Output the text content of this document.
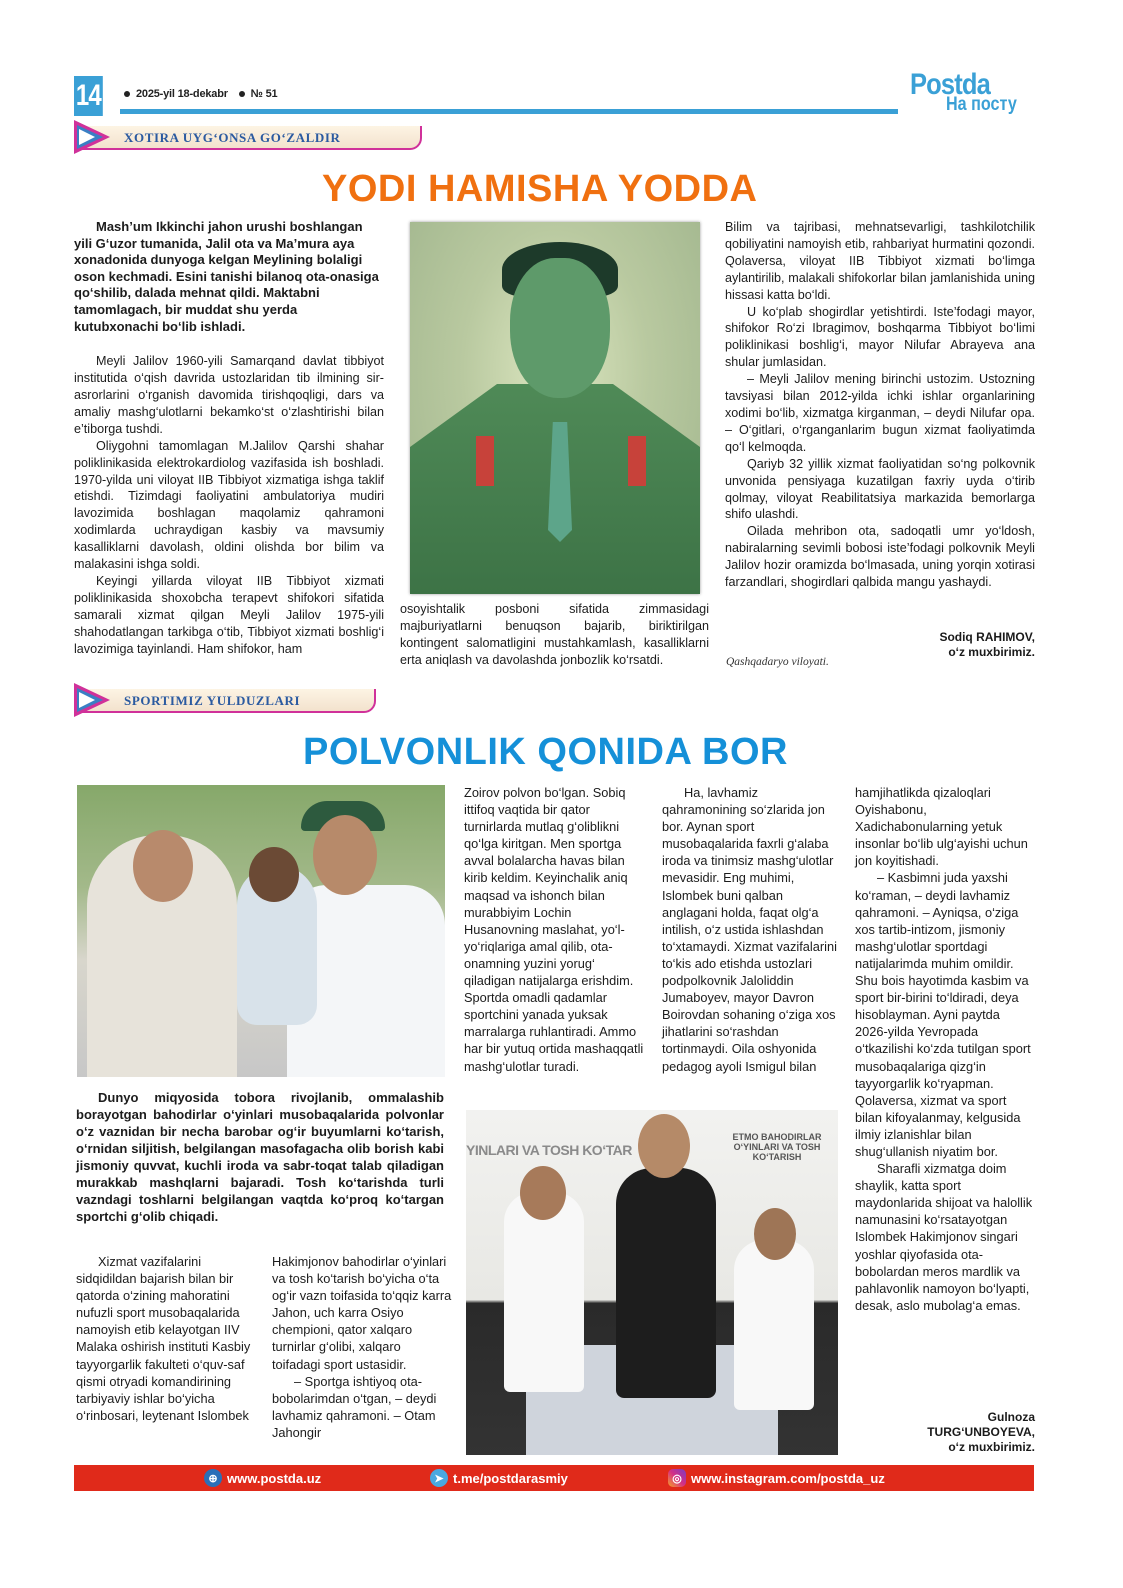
14	2025-yil 18-dekabr № 51	Postda
На посту
XOTIRA UYG‘ONSA GO‘ZALDIR
YODI HAMISHA YODDA

Mash’um Ikkinchi jahon urushi boshlangan yili G‘uzor tumanida, Jalil ota va Ma’mura aya xonadonida dunyoga kelgan Meylining bolaligi oson kechmadi. Esini tanishi bilanoq ota-onasiga qo‘shilib, dalada mehnat qildi. Maktabni tamomlagach, bir muddat shu yerda kutubxonachi bo‘lib ishladi.

Meyli Jalilov 1960-yili Samarqand davlat tibbiyot institutida o‘qish davrida ustozlaridan tib ilmining sir-asrorlarini o‘rganish davomida tirishqoqligi, dars va amaliy mashg‘ulotlarni bekamko‘st o‘zlashtirishi bilan e’tiborga tushdi.

Oliygohni tamomlagan M.Jalilov Qarshi shahar poliklinikasida elektrokardiolog vazifasida ish boshladi. 1970-yilda uni viloyat IIB Tibbiyot xizmatiga ishga taklif etishdi. Tizimdagi faoliyatini ambulatoriya mudiri lavozimida boshlagan maqolamiz qahramoni xodimlarda uchraydigan kasbiy va mavsumiy kasalliklarni davolash, oldini olishda bor bilim va malakasini ishga soldi.

Keyingi yillarda viloyat IIB Tibbiyot xizmati poliklinikasida shoxobcha terapevt shifokori sifatida samarali xizmat qilgan Meyli Jalilov 1975-yili shahodatlangan tarkibga o‘tib, Tibbiyot xizmati boshlig‘i lavozimiga tayinlandi. Ham shifokor, ham

osoyishtalik posboni sifatida zimmasidagi majburiyatlarni benuqson bajarib, biriktirilgan kontingent salomatligini mustahkamlash, kasalliklarni erta aniqlash va davolashda jonbozlik ko‘rsatdi.

Bilim va tajribasi, mehnatsevarligi, tashkilotchilik qobiliyatini namoyish etib, rahbariyat hurmatini qozondi. Qolaversa, viloyat IIB Tibbiyot xizmati bo‘limga aylantirilib, malakali shifokorlar bilan jamlanishida uning hissasi katta bo‘ldi.

U ko‘plab shogirdlar yetishtirdi. Iste’fodagi mayor, shifokor Ro‘zi Ibragimov, boshqarma Tibbiyot bo‘limi poliklinikasi boshlig‘i, mayor Nilufar Abrayeva ana shular jumlasidan.

– Meyli Jalilov mening birinchi ustozim. Ustozning tavsiyasi bilan 2012-yilda ichki ishlar organlarining xodimi bo‘lib, xizmatga kirganman, – deydi Nilufar opa. – O‘gitlari, o‘rganganlarim bugun xizmat faoliyatimda qo‘l kelmoqda.

Qariyb 32 yillik xizmat faoliyatidan so‘ng polkovnik unvonida pensiyaga kuzatilgan faxriy uydа o‘tirib qolmay, viloyat Reabilitatsiya markazida bemorlarga shifo ulashdi.

Oilada mehribon ota, sadoqatli umr yo‘ldosh, nabiralarning sevimli bobosi iste’fodagi polkovnik Meyli Jalilov hozir oramizda bo‘lmasada, uning yorqin xotirasi farzandlari, shogirdlari qalbida mangu yashaydi.

Sodiq RAHIMOV,
o‘z muxbirimiz.
Qashqadaryo viloyati.
SPORTIMIZ YULDUZLARI
POLVONLIK QONIDA BOR

Dunyo miqyosida tobora rivojlanib, ommalashib borayotgan bahodirlar o‘yinlari musobaqalarida polvonlar o‘z vaznidan bir necha barobar og‘ir buyumlarni ko‘tarish, o‘rnidan siljitish, belgilangan masofagacha olib borish kabi jismoniy quvvat, kuchli iroda va sabr-toqat talab qiladigan murakkab mashqlarni bajaradi. Tosh ko‘tarishda turli vazndagi toshlarni belgilangan vaqtda ko‘proq ko‘targan sportchi g‘olib chiqadi.

Xizmat vazifalarini sidqidildan bajarish bilan bir qatorda o‘zining mahoratini nufuzli sport musobaqalarida namoyish etib kelayotgan IIV Malaka oshirish instituti Kasbiy tayyorgarlik fakulteti o‘quv-saf qismi otryadi komandirining tarbiyaviy ishlar bo‘yicha o‘rinbosari, leytenant Islombek

Hakimjonov bahodirlar o‘yinlari va tosh ko‘tarish bo‘yicha o‘ta og‘ir vazn toifasida to‘qqiz karra Jahon, uch karra Osiyo chempioni, qator xalqaro turnirlar g‘olibi, xalqaro toifadagi sport ustasidir.

– Sportga ishtiyoq ota-bobolarimdan o‘tgan, – deydi lavhamiz qahramoni. – Otam Jahongir

Zoirov polvon bo‘lgan. Sobiq ittifoq vaqtida bir qator turnirlarda mutlaq g‘olibliknі qo‘lga kiritgan. Men sportga avval bolalarcha havas bilan kirib keldim. Keyinchalik aniq maqsad va ishonch bilan murabbiyim Lochin Husanovning maslahat, yo‘l-yo‘riqlariga amal qilib, ota-onamning yuzini yorug‘ qiladigan natijalarga erishdim. Sportda omadli qadamlar sportchini yanada yuksak marralarga ruhlantiradi. Ammo har bir yutuq ortida mashaqqatli mashg‘ulotlar turadi.

Ha, lavhamiz qahramonining so‘zlarida jon bor. Aynan sport musobaqalarida faxrli g‘alaba iroda va tinimsiz mashg‘ulotlar mevasidir. Eng muhimi, Islombek buni qalban anglagani holda, faqat olg‘a intilish, o‘z ustida ishlashdan to‘xtamaydi. Xizmat vazifalarini to‘kis ado etishda ustozlari podpolkovnik Jaloliddin Jumaboyev, mayor Davron Boirovdan sohaning o‘ziga xos jihatlarini so‘rashdan tortinmaydi. Oila oshyonida pedagog ayoli Ismigul bilan

YINLARI VA TOSH KO‘TAR
ETMO BAHODIRLAR O‘YINLARI VA TOSH KO‘TARISH

hamjihatlikda qizaloqlari Oyishabonu, Xadichabonularning yetuk insonlar bo‘lib ulg‘ayishi uchun jon koyitishadi.

– Kasbimni juda yaxshi ko‘raman, – deydi lavhamiz qahramoni. – Ayniqsa, o‘ziga xos tartib-intizom, jismoniy mashg‘ulotlar sportdagi natijalarimda muhim omildir. Shu bois hayotimda kasbim va sport bir-birini to‘ldiradi, deya hisoblayman. Ayni paytda 2026-yilda Yevropada o‘tkazilishi ko‘zda tutilgan sport musobaqalariga qizg‘in tayyorgarlik ko‘ryapman. Qolaversa, xizmat va sport bilan kifoyalanmay, kelgusida ilmiy izlanishlar bilan shug‘ullanish niyatim bor.

Sharafli xizmatga doim shaylik, katta sport maydonlarida shijoat va halollik namunasini ko‘rsatayotgan Islombek Hakimjonov singari yoshlar qiyofasida ota-bobolardan meros mardlik va pahlavonlik namoyon bo‘lyapti, desak, aslo mubolag‘a emas.

Gulnoza
TURG‘UNBOYEVA,
o‘z muxbirimiz.
⊕ www.postda.uz	➤ t.me/postdarasmiy	◎ www.instagram.com/postda_uz
